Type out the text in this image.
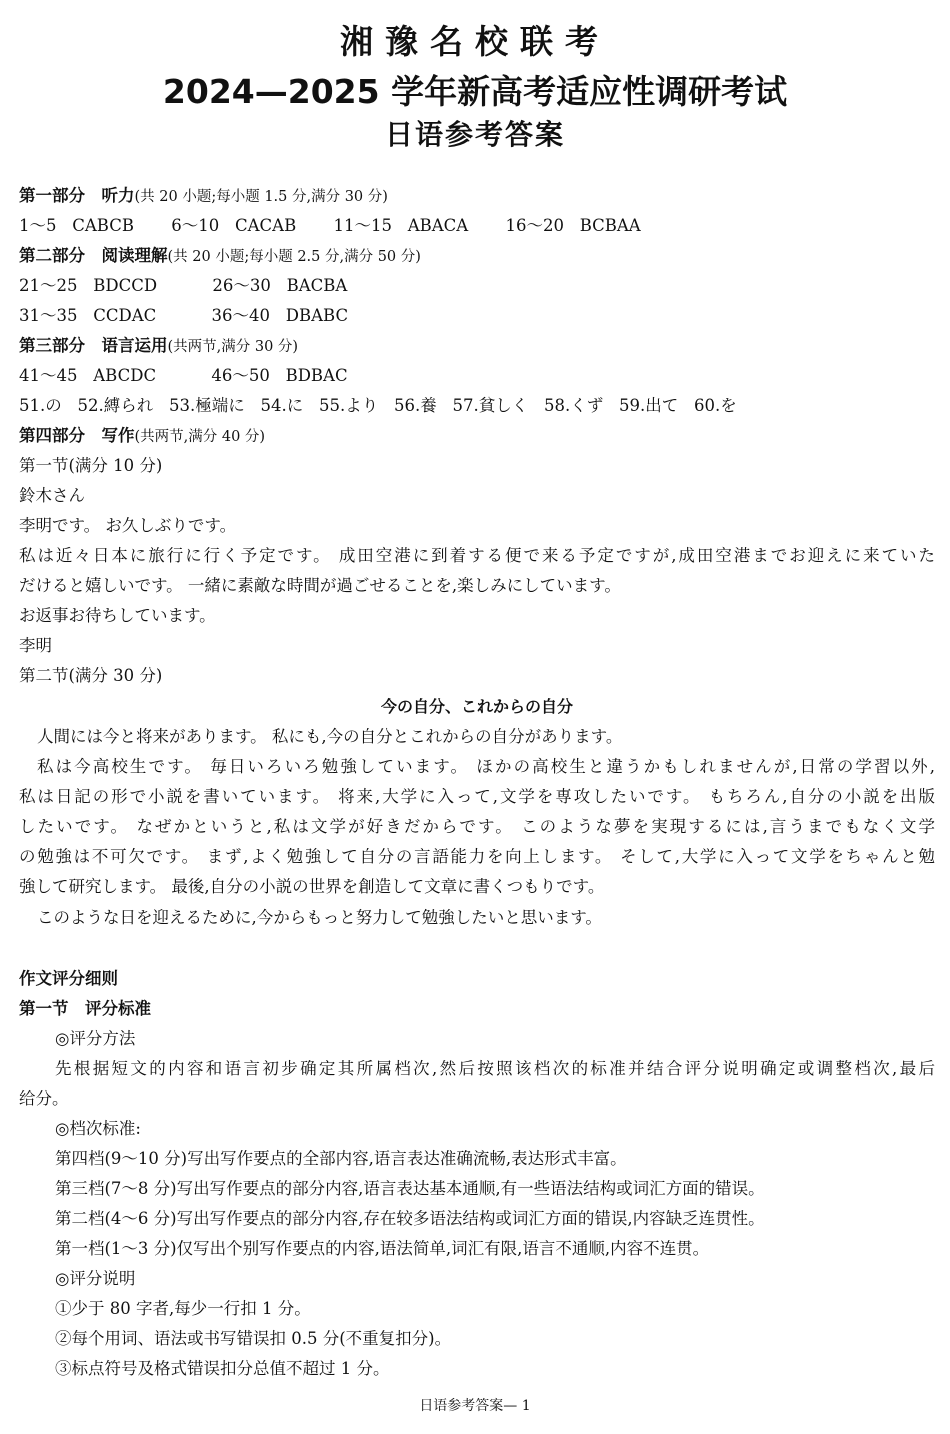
湘豫名校联考
2024—2025 学年新高考适应性调研考试
日语参考答案
第一部分　听力(共 20 小题;每小题 1.5 分,满分 30 分)
1～5 CABCB 6～10 CACAB 11～15 ABACA 16～20 BCBAA
第二部分　阅读理解(共 20 小题;每小题 2.5 分,满分 50 分)
21～25 BDCCD	26～30 BACBA
31～35 CCDAC	36～40 DBABC
第三部分　语言运用(共两节,满分 30 分)
41～45 ABCDC	46～50 BDBAC
51.の 52.縛られ 53.極端に 54.に 55.より 56.養 57.貧しく 58.くず 59.出て 60.を
第四部分　写作(共两节,满分 40 分)
第一节(满分 10 分)
鈴木さん
李明です。 お久しぶりです。
私は近々日本に旅行に行く予定です。 成田空港に到着する便で来る予定ですが,成田空港までお迎えに来ていた
だけると嬉しいです。 一緒に素敵な時間が過ごせることを,楽しみにしています。
お返事お待ちしています。
李明
第二节(满分 30 分)
今の自分、これからの自分
人間には今と将来があります。 私にも,今の自分とこれからの自分があります。
私は今高校生です。 毎日いろいろ勉強しています。 ほかの高校生と違うかもしれませんが,日常の学習以外,
私は日記の形で小説を書いています。 将来,大学に入って,文学を専攻したいです。 もちろん,自分の小説を出版
したいです。 なぜかというと,私は文学が好きだからです。 このような夢を実現するには,言うまでもなく文学
の勉強は不可欠です。 まず,よく勉強して自分の言語能力を向上します。 そして,大学に入って文学をちゃんと勉
強して研究します。 最後,自分の小説の世界を創造して文章に書くつもりです。
このような日を迎えるために,今からもっと努力して勉強したいと思います。
作文评分细则
第一节　评分标准
◎评分方法
先根据短文的内容和语言初步确定其所属档次,然后按照该档次的标准并结合评分说明确定或调整档次,最后
给分。
◎档次标准:
第四档(9～10 分)写出写作要点的全部内容,语言表达准确流畅,表达形式丰富。
第三档(7～8 分)写出写作要点的部分内容,语言表达基本通顺,有一些语法结构或词汇方面的错误。
第二档(4～6 分)写出写作要点的部分内容,存在较多语法结构或词汇方面的错误,内容缺乏连贯性。
第一档(1～3 分)仅写出个别写作要点的内容,语法简单,词汇有限,语言不通顺,内容不连贯。
◎评分说明
①少于 80 字者,每少一行扣 1 分。
②每个用词、语法或书写错误扣 0.5 分(不重复扣分)。
③标点符号及格式错误扣分总值不超过 1 分。
日语参考答案— 1
